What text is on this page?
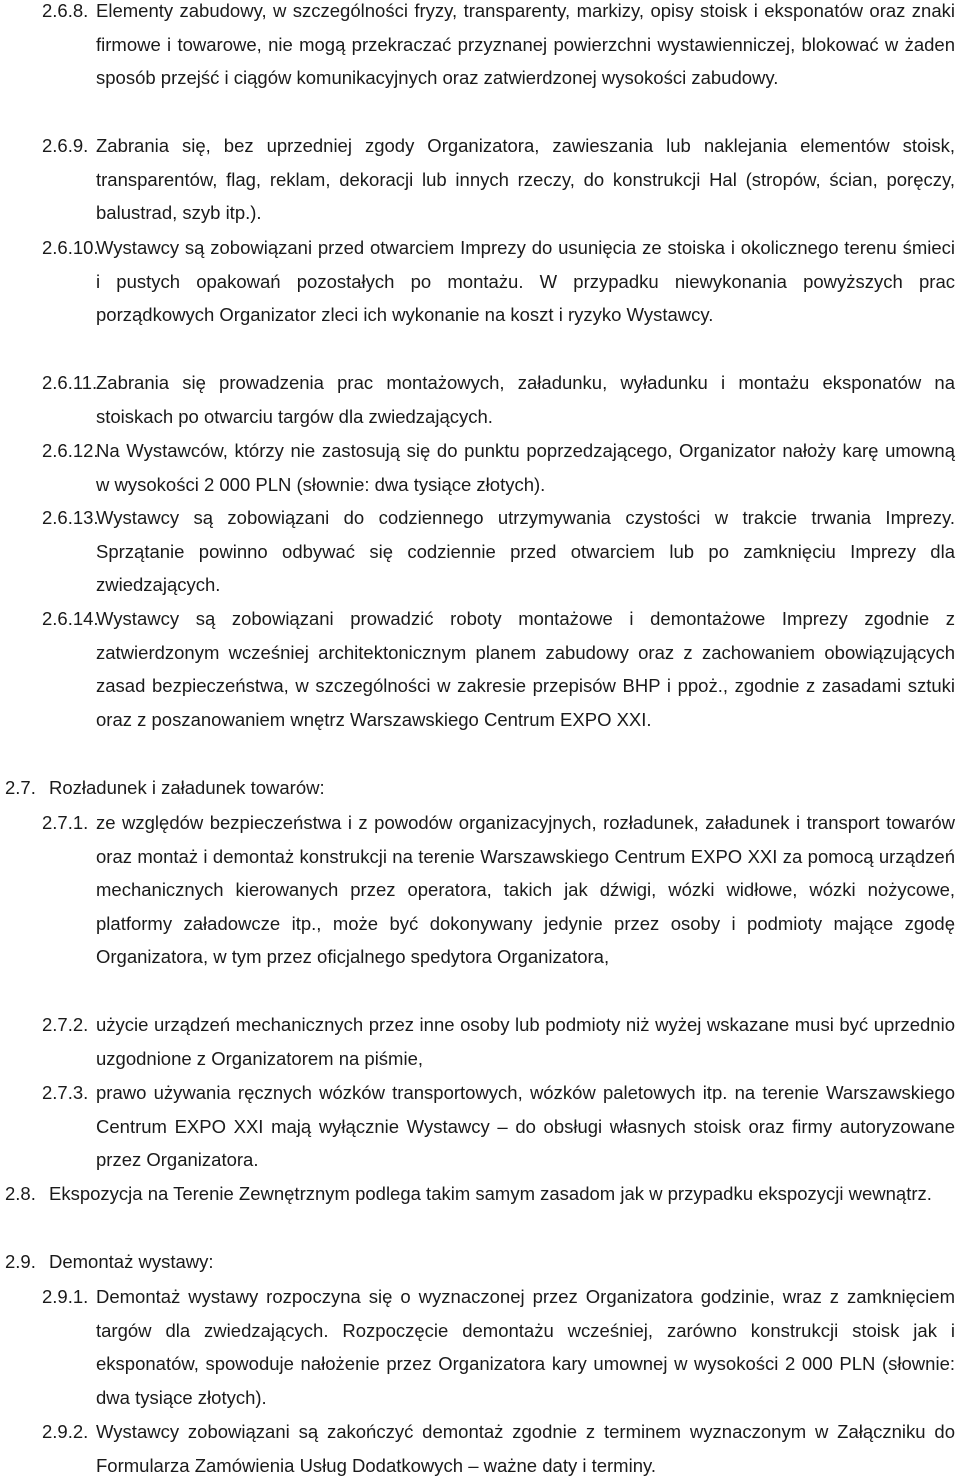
2.6.8. Elementy zabudowy, w szczególności fryzy, transparenty, markizy, opisy stoisk i eksponatów oraz znaki firmowe i towarowe, nie mogą przekraczać przyznanej powierzchni wystawienniczej, blokować w żaden sposób przejść i ciągów komunikacyjnych oraz zatwierdzonej wysokości zabudowy.
2.6.9. Zabrania się, bez uprzedniej zgody Organizatora, zawieszania lub naklejania elementów stoisk, transparentów, flag, reklam, dekoracji lub innych rzeczy, do konstrukcji Hal (stropów, ścian, poręczy, balustrad, szyb itp.).
2.6.10.
Wystawcy są zobowiązani przed otwarciem Imprezy do usunięcia ze stoiska i okolicznego terenu śmieci i pustych opakowań pozostałych po montażu. W przypadku niewykonania powyższych prac porządkowych Organizator zleci ich wykonanie na koszt i ryzyko Wystawcy.
2.6.11.
Zabrania się prowadzenia prac montażowych, załadunku, wyładunku i montażu eksponatów na stoiskach po otwarciu targów dla zwiedzających.
2.6.12.
Na Wystawców, którzy nie zastosują się do punktu poprzedzającego, Organizator nałoży karę umowną w wysokości 2 000 PLN (słownie: dwa tysiące złotych).
2.6.13.
Wystawcy są zobowiązani do codziennego utrzymywania czystości w trakcie trwania Imprezy. Sprzątanie powinno odbywać się codziennie przed otwarciem lub po zamknięciu Imprezy dla zwiedzających.
2.6.14.
Wystawcy są zobowiązani prowadzić roboty montażowe i demontażowe Imprezy zgodnie z zatwierdzonym wcześniej architektonicznym planem zabudowy oraz z zachowaniem obowiązujących zasad bezpieczeństwa, w szczególności w zakresie przepisów BHP i ppoż., zgodnie z zasadami sztuki oraz z poszanowaniem wnętrz Warszawskiego Centrum EXPO XXI.
2.7. Rozładunek i załadunek towarów:
2.7.1. ze względów bezpieczeństwa i z powodów organizacyjnych, rozładunek, załadunek i transport towarów oraz montaż i demontaż konstrukcji na terenie Warszawskiego Centrum EXPO XXI za pomocą urządzeń mechanicznych kierowanych przez operatora, takich jak dźwigi, wózki widłowe, wózki nożycowe, platformy załadowcze itp., może być dokonywany jedynie przez osoby i podmioty mające zgodę Organizatora, w tym przez oficjalnego spedytora Organizatora,
2.7.2. użycie urządzeń mechanicznych przez inne osoby lub podmioty niż wyżej wskazane musi być uprzednio uzgodnione z Organizatorem na piśmie,
2.7.3. prawo używania ręcznych wózków transportowych, wózków paletowych itp. na terenie Warszawskiego Centrum EXPO XXI mają wyłącznie Wystawcy – do obsługi własnych stoisk oraz firmy autoryzowane przez Organizatora.
2.8. Ekspozycja na Terenie Zewnętrznym podlega takim samym zasadom jak w przypadku ekspozycji wewnątrz.
2.9. Demontaż wystawy:
2.9.1. Demontaż wystawy rozpoczyna się o wyznaczonej przez Organizatora godzinie, wraz z zamknięciem targów dla zwiedzających. Rozpoczęcie demontażu wcześniej, zarówno konstrukcji stoisk jak i eksponatów, spowoduje nałożenie przez Organizatora kary umownej w wysokości 2 000 PLN (słownie: dwa tysiące złotych).
2.9.2. Wystawcy zobowiązani są zakończyć demontaż zgodnie z terminem wyznaczonym w Załączniku do Formularza Zamówienia Usług Dodatkowych – ważne daty i terminy.
